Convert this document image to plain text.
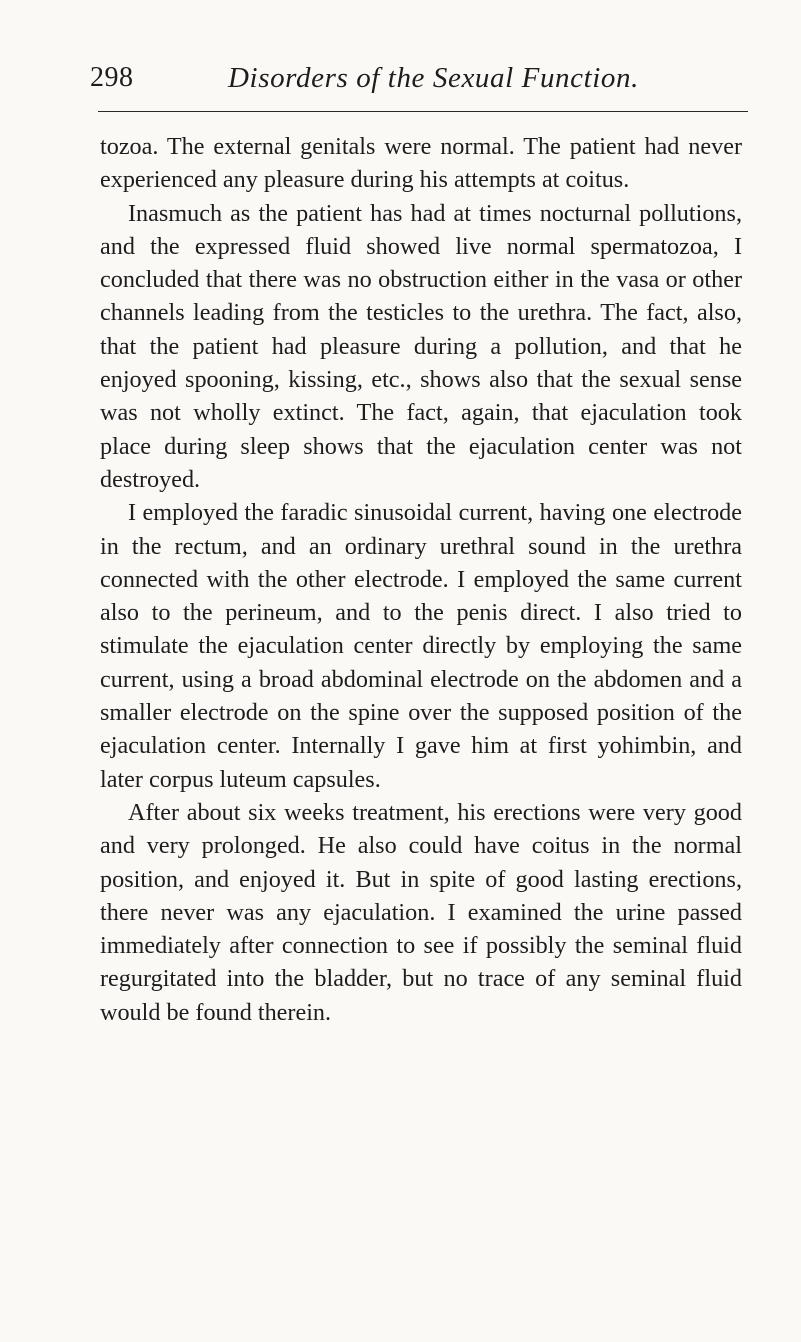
298	Disorders of the Sexual Function.

tozoa. The external genitals were normal. The patient had never experienced any pleasure during his attempts at coitus.

Inasmuch as the patient has had at times nocturnal pollutions, and the expressed fluid showed live normal spermatozoa, I concluded that there was no obstruction either in the vasa or other channels leading from the testicles to the urethra. The fact, also, that the patient had pleasure during a pollution, and that he enjoyed spooning, kissing, etc., shows also that the sexual sense was not wholly extinct. The fact, again, that ejaculation took place during sleep shows that the ejaculation center was not destroyed.

I employed the faradic sinusoidal current, having one electrode in the rectum, and an ordinary urethral sound in the urethra connected with the other electrode. I employed the same current also to the perineum, and to the penis direct. I also tried to stimulate the ejaculation center directly by employing the same current, using a broad abdominal electrode on the abdomen and a smaller electrode on the spine over the supposed position of the ejaculation center. Internally I gave him at first yohimbin, and later corpus luteum capsules.

After about six weeks treatment, his erections were very good and very prolonged. He also could have coitus in the normal position, and enjoyed it. But in spite of good lasting erections, there never was any ejaculation. I examined the urine passed immediately after connection to see if possibly the seminal fluid regurgitated into the bladder, but no trace of any seminal fluid would be found therein.
